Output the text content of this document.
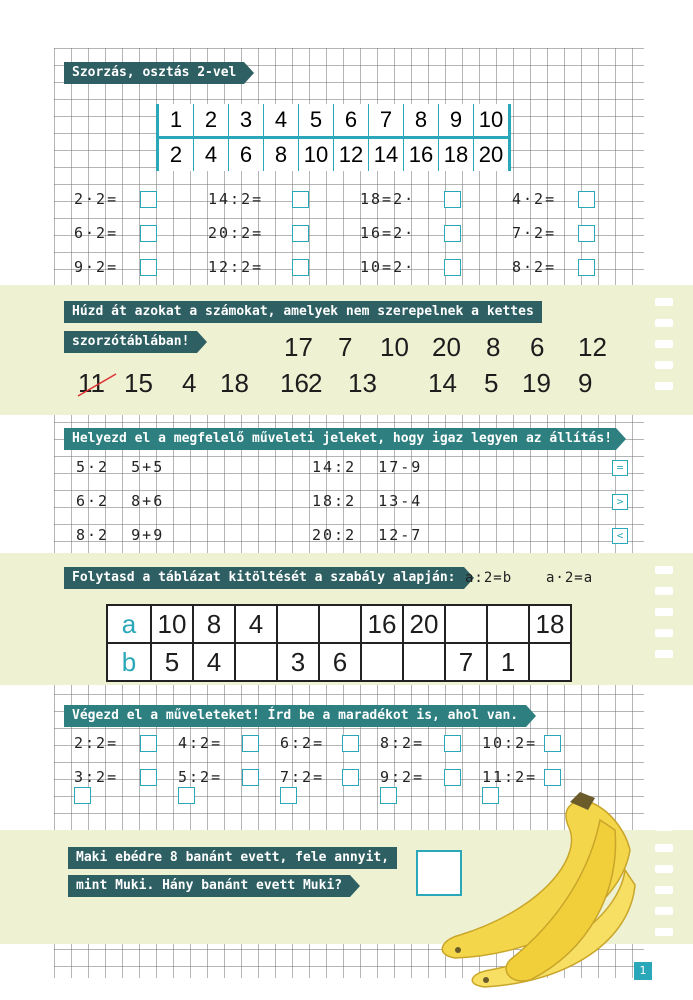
Szorzás, osztás 2-vel
1	2	3	4	5	6	7	8	9	10
2	4	6	8	10	12	14	16	18	20
2·2=	14:2=	18=2·	4·2=
6·2=	20:2=	16=2·	7·2=
9·2=	12:2=	10=2·	8·2=
Húzd át azokat a számokat, amelyek nem szerepelnek a kettes
szorzótáblában!	17 7 10 20 8 6 12
11 15 4 18 16 2 13 14 5 19 9
Helyezd el a megfelelő műveleti jeleket, hogy igaz legyen az állítás!
5·2  5+5	14:2  17-9	=
6·2  8+6	18:2  13-4	>
8·2  9+9	20:2  12-7	<
Folytasd a táblázat kitöltését a szabály alapján: a:2=b a·2=a
a	10	8	4			16	20			18
b	5	4		3	6			7	1	
Végezd el a műveleteket! Írd be a maradékot is, ahol van.
2:2=	4:2=	6:2=	8:2=	10:2=
3:2=	5:2=	7:2=	9:2=	11:2=
Maki ebédre 8 banánt evett, fele annyit,
mint Muki. Hány banánt evett Muki?
1
